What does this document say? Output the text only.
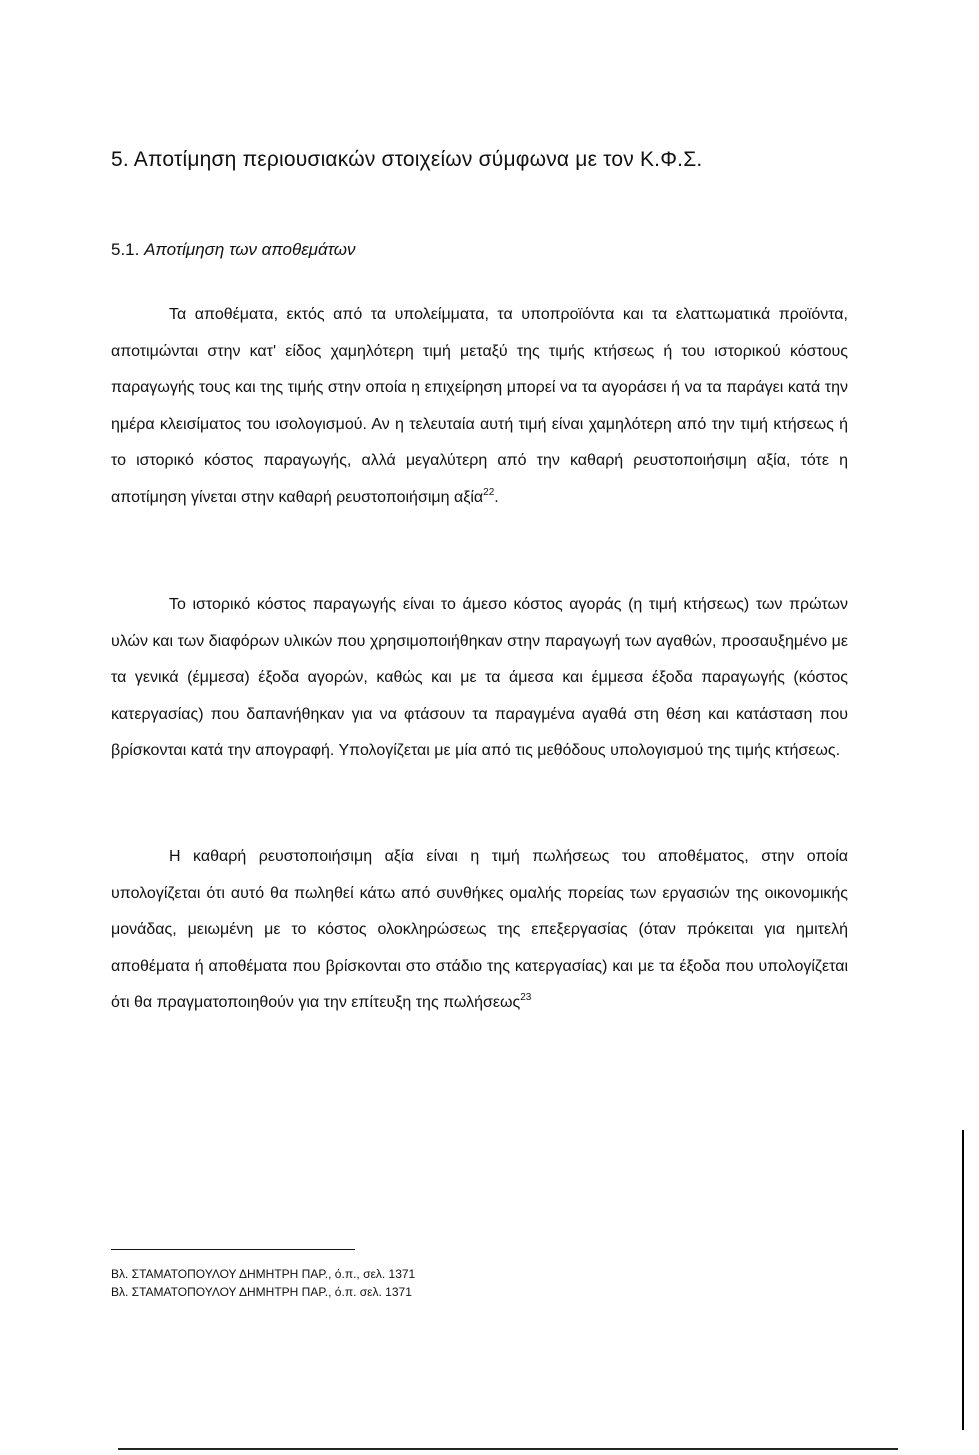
5. Αποτίμηση περιουσιακών στοιχείων σύμφωνα με τον Κ.Φ.Σ.
5.1. Αποτίμηση των αποθεμάτων

Τα αποθέματα, εκτός από τα υπολείμματα, τα υποπροϊόντα και τα ελαττωματικά προϊόντα, αποτιμώνται στην κατ' είδος χαμηλότερη τιμή μεταξύ της τιμής κτήσεως ή του ιστορικού κόστους παραγωγής τους και της τιμής στην οποία η επιχείρηση μπορεί να τα αγοράσει ή να τα παράγει κατά την ημέρα κλεισίματος του ισολογισμού. Αν η τελευταία αυτή τιμή είναι χαμηλότερη από την τιμή κτήσεως ή το ιστορικό κόστος παραγωγής, αλλά μεγαλύτερη από την καθαρή ρευστοποιήσιμη αξία, τότε η αποτίμηση γίνεται στην καθαρή ρευστοποιήσιμη αξία$^{22}$.

Το ιστορικό κόστος παραγωγής είναι το άμεσο κόστος αγοράς (η τιμή κτήσεως) των πρώτων υλών και των διαφόρων υλικών που χρησιμοποιήθηκαν στην παραγωγή των αγαθών, προσαυξημένο με τα γενικά (έμμεσα) έξοδα αγορών, καθώς και με τα άμεσα και έμμεσα έξοδα παραγωγής (κόστος κατεργασίας) που δαπανήθηκαν για να φτάσουν τα παραγμένα αγαθά στη θέση και κατάσταση που βρίσκονται κατά την απογραφή. Υπολογίζεται με μία από τις μεθόδους υπολογισμού της τιμής κτήσεως.

Η καθαρή ρευστοποιήσιμη αξία είναι η τιμή πωλήσεως του αποθέματος, στην οποία υπολογίζεται ότι αυτό θα πωληθεί κάτω από συνθήκες ομαλής πορείας των εργασιών της οικονομικής μονάδας, μειωμένη με το κόστος ολοκληρώσεως της επεξεργασίας (όταν πρόκειται για ημιτελή αποθέματα ή αποθέματα που βρίσκονται στο στάδιο της κατεργασίας) και με τα έξοδα που υπολογίζεται ότι θα πραγματοποιηθούν για την επίτευξη της πωλήσεως$^{23}$

Βλ. ΣΤΑΜΑΤΟΠΟΥΛΟΥ ΔΗΜΗΤΡΗ ΠΑΡ., ό.π., σελ. 1371
Βλ. ΣΤΑΜΑΤΟΠΟΥΛΟΥ ΔΗΜΗΤΡΗ ΠΑΡ., ό.π. σελ. 1371
